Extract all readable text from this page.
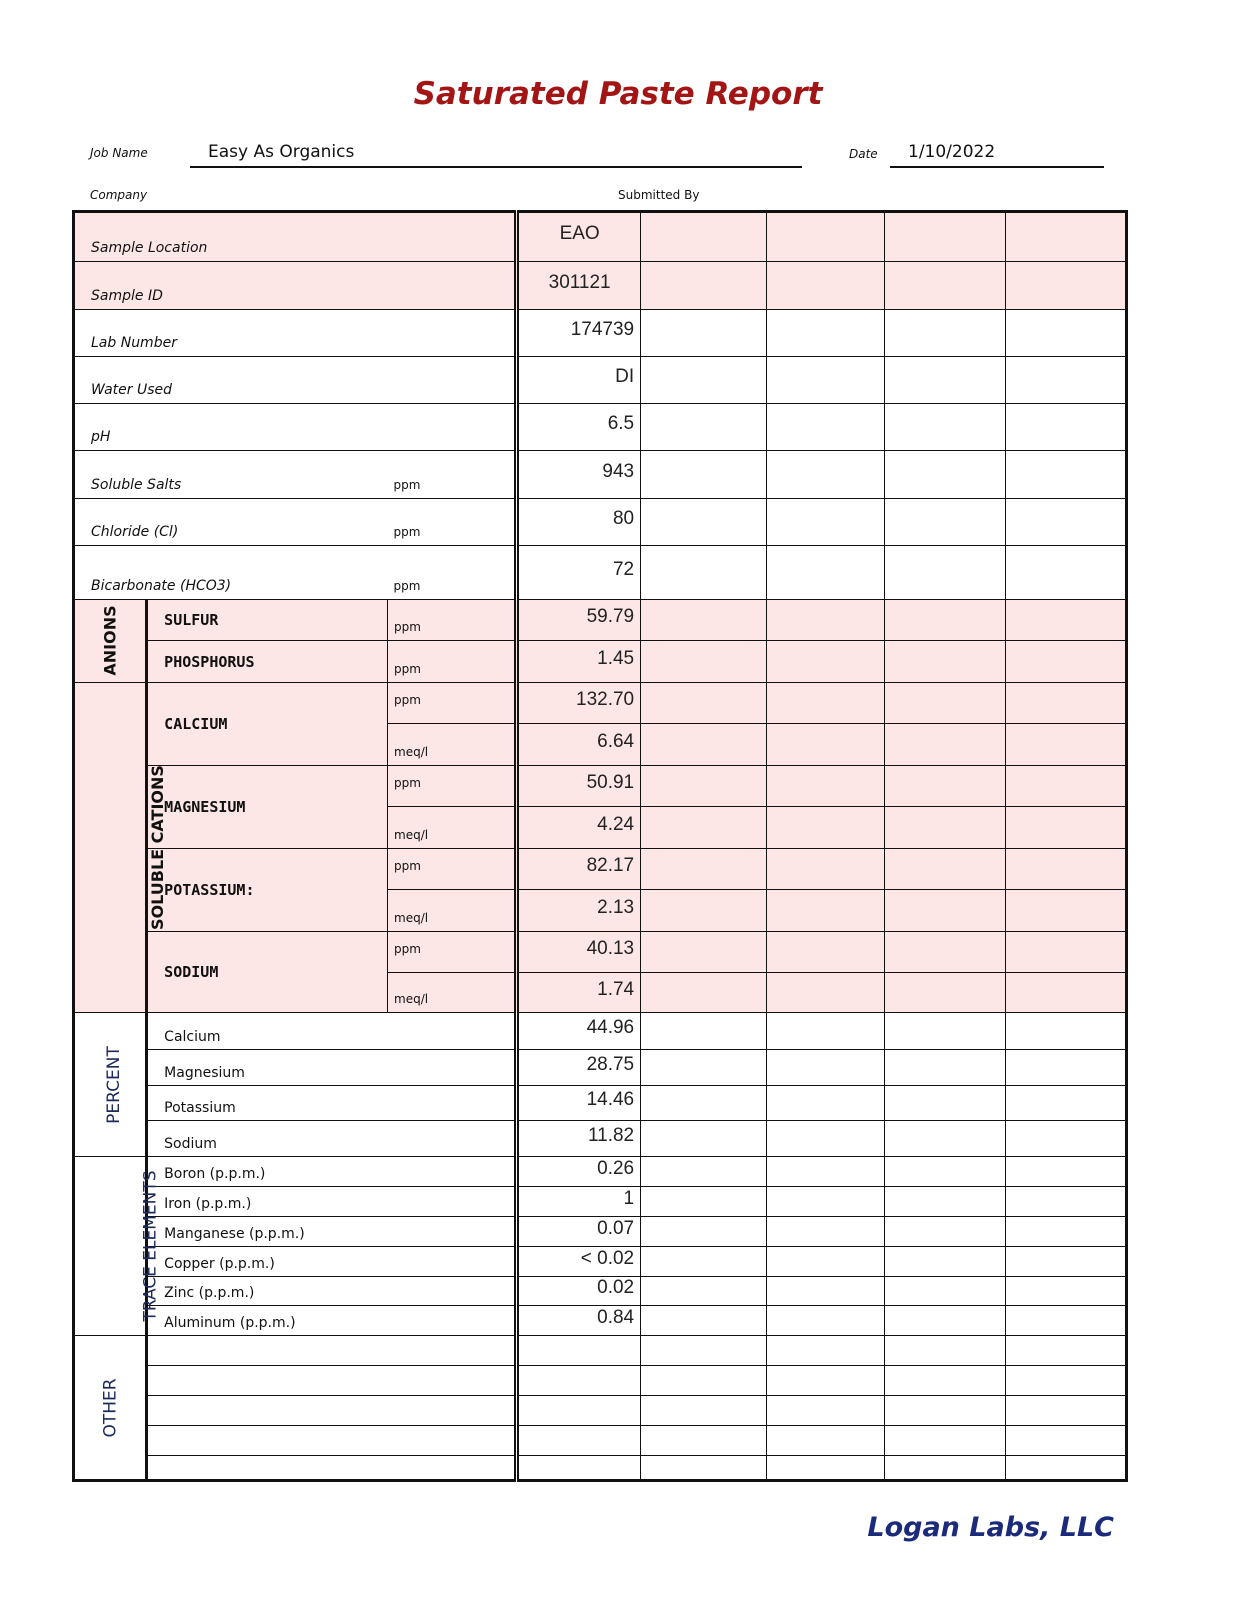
Saturated Paste Report
Job Name	Easy As Organics	Date 1/10/2022
Company	Submitted By
Sample Location			EAO				
Sample ID			301121				
Lab Number			174739				
Water Used			DI				
pH			6.5				
Soluble Salts		ppm	943				
Chloride (Cl)		ppm	80				
Bicarbonate (HCO3)		ppm	72				
ANIONS	SULFUR	ppm	59.79				
	PHOSPHORUS	ppm	1.45				
SOLUBLE CATIONS	CALCIUM	ppm	132.70				
		meq/l	6.64				
	MAGNESIUM	ppm	50.91				
		meq/l	4.24				
	POTASSIUM:	ppm	82.17				
		meq/l	2.13				
	SODIUM	ppm	40.13				
		meq/l	1.74				
PERCENT	Calcium		44.96				
	Magnesium		28.75				
	Potassium		14.46				
	Sodium		11.82				
TRACE ELEMENTS	Boron (p.p.m.)		0.26				
	Iron (p.p.m.)		1				
	Manganese (p.p.m.)		0.07				
	Copper (p.p.m.)		< 0.02				
	Zinc (p.p.m.)		0.02				
	Aluminum (p.p.m.)		0.84				
OTHER							

Logan Labs, LLC
